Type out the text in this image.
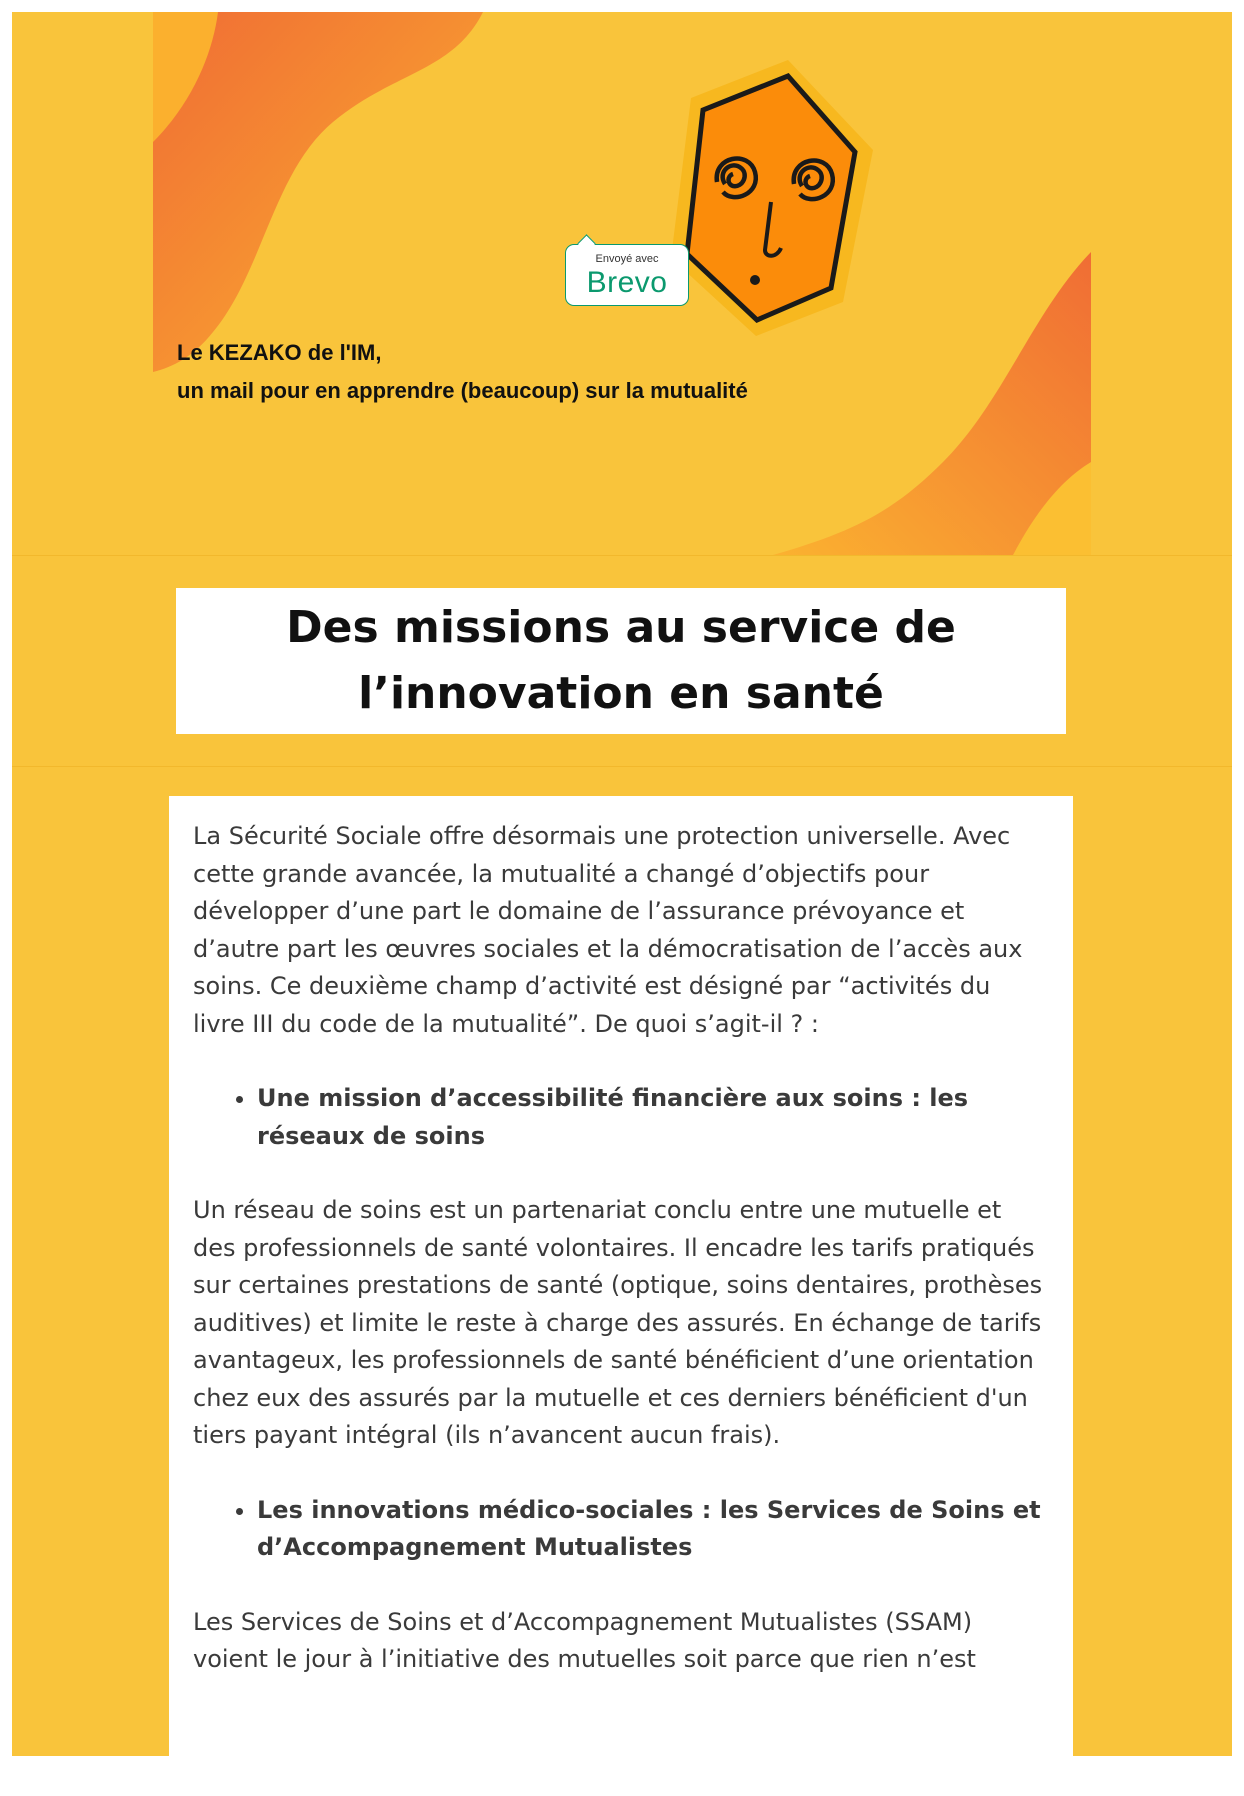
Envoyé avec
Brevo
Le KEZAKO de l'IM,
un mail pour en apprendre (beaucoup) sur la mutualité
Des missions au service de l’innovation en santé

La Sécurité Sociale offre désormais une protection universelle. Avec cette grande avancée, la mutualité a changé d’objectifs pour développer d’une part le domaine de l’assurance prévoyance et d’autre part les œuvres sociales et la démocratisation de l’accès aux soins. Ce deuxième champ d’activité est désigné par “activités du livre III du code de la mutualité”. De quoi s’agit-il ? :

• Une mission d’accessibilité financière aux soins : les réseaux de soins

Un réseau de soins est un partenariat conclu entre une mutuelle et des professionnels de santé volontaires. Il encadre les tarifs pratiqués sur certaines prestations de santé (optique, soins dentaires, prothèses auditives) et limite le reste à charge des assurés. En échange de tarifs avantageux, les professionnels de santé bénéficient d’une orientation chez eux des assurés par la mutuelle et ces derniers bénéficient d'un tiers payant intégral (ils n’avancent aucun frais).

• Les innovations médico-sociales : les Services de Soins et d’Accompagnement Mutualistes

Les Services de Soins et d’Accompagnement Mutualistes (SSAM) voient le jour à l’initiative des mutuelles soit parce que rien n’est
